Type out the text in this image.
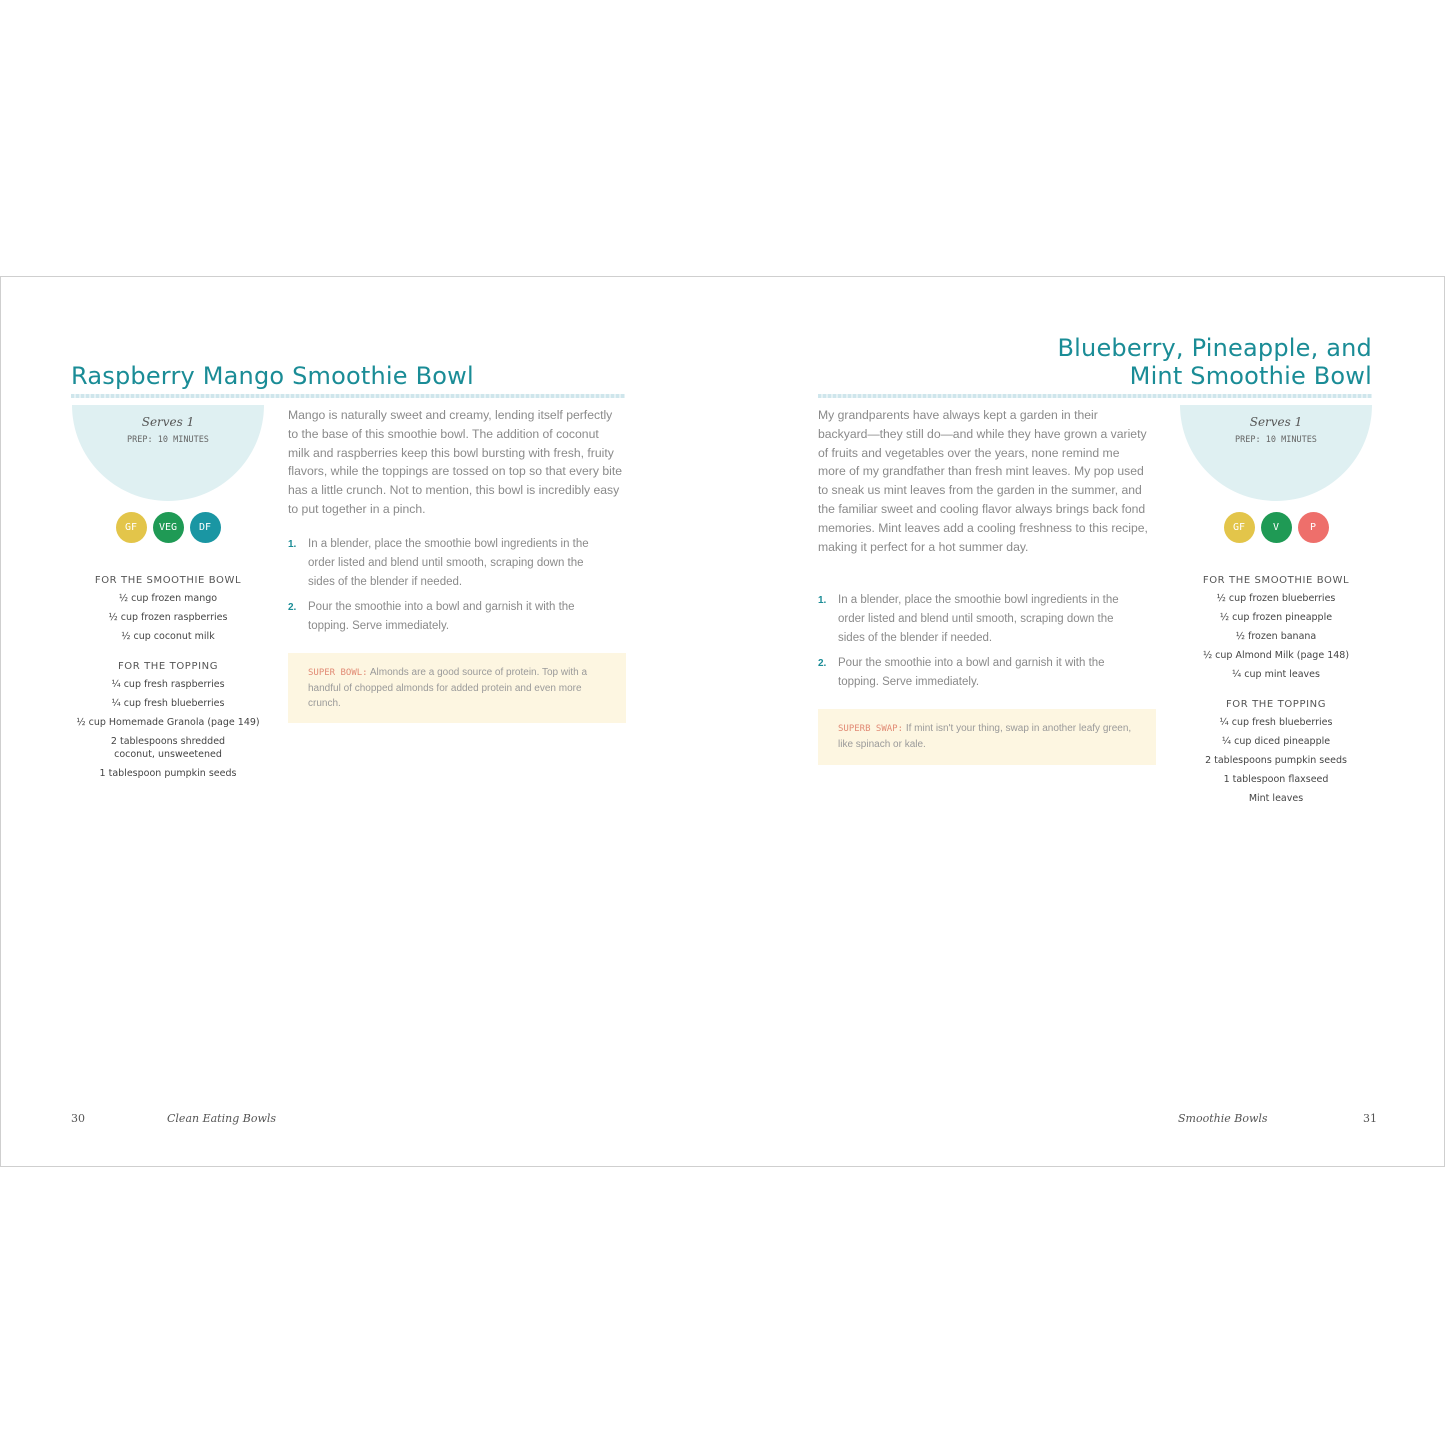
Raspberry Mango Smoothie Bowl
Serves 1
PREP: 10 MINUTES
GF VEG DF
FOR THE SMOOTHIE BOWL
½ cup frozen mango
½ cup frozen raspberries
½ cup coconut milk
FOR THE TOPPING
¼ cup fresh raspberries
¼ cup fresh blueberries
½ cup Homemade Granola (page 149)
2 tablespoons shredded coconut, unsweetened
1 tablespoon pumpkin seeds
Mango is naturally sweet and creamy, lending itself perfectly to the base of this smoothie bowl. The addition of coconut milk and raspberries keep this bowl bursting with fresh, fruity flavors, while the toppings are tossed on top so that every bite has a little crunch. Not to mention, this bowl is incredibly easy to put together in a pinch.
1.	In a blender, place the smoothie bowl ingredients in the order listed and blend until smooth, scraping down the sides of the blender if needed.
2.	Pour the smoothie into a bowl and garnish it with the topping. Serve immediately.
SUPER BOWL: Almonds are a good source of protein. Top with a handful of chopped almonds for added protein and even more crunch.
30	Clean Eating Bowls
Blueberry, Pineapple, and
Mint Smoothie Bowl
My grandparents have always kept a garden in their backyard—they still do—and while they have grown a variety of fruits and vegetables over the years, none remind me more of my grandfather than fresh mint leaves. My pop used to sneak us mint leaves from the garden in the summer, and the familiar sweet and cooling flavor always brings back fond memories. Mint leaves add a cooling freshness to this recipe, making it perfect for a hot summer day.
1.	In a blender, place the smoothie bowl ingredients in the order listed and blend until smooth, scraping down the sides of the blender if needed.
2.	Pour the smoothie into a bowl and garnish it with the topping. Serve immediately.
SUPERB SWAP: If mint isn't your thing, swap in another leafy green, like spinach or kale.
Serves 1
PREP: 10 MINUTES
GF	V	P
FOR THE SMOOTHIE BOWL
½ cup frozen blueberries
½ cup frozen pineapple
½ frozen banana
½ cup Almond Milk (page 148)
¼ cup mint leaves
FOR THE TOPPING
¼ cup fresh blueberries
¼ cup diced pineapple
2 tablespoons pumpkin seeds
1 tablespoon flaxseed
Mint leaves
Smoothie Bowls	31
